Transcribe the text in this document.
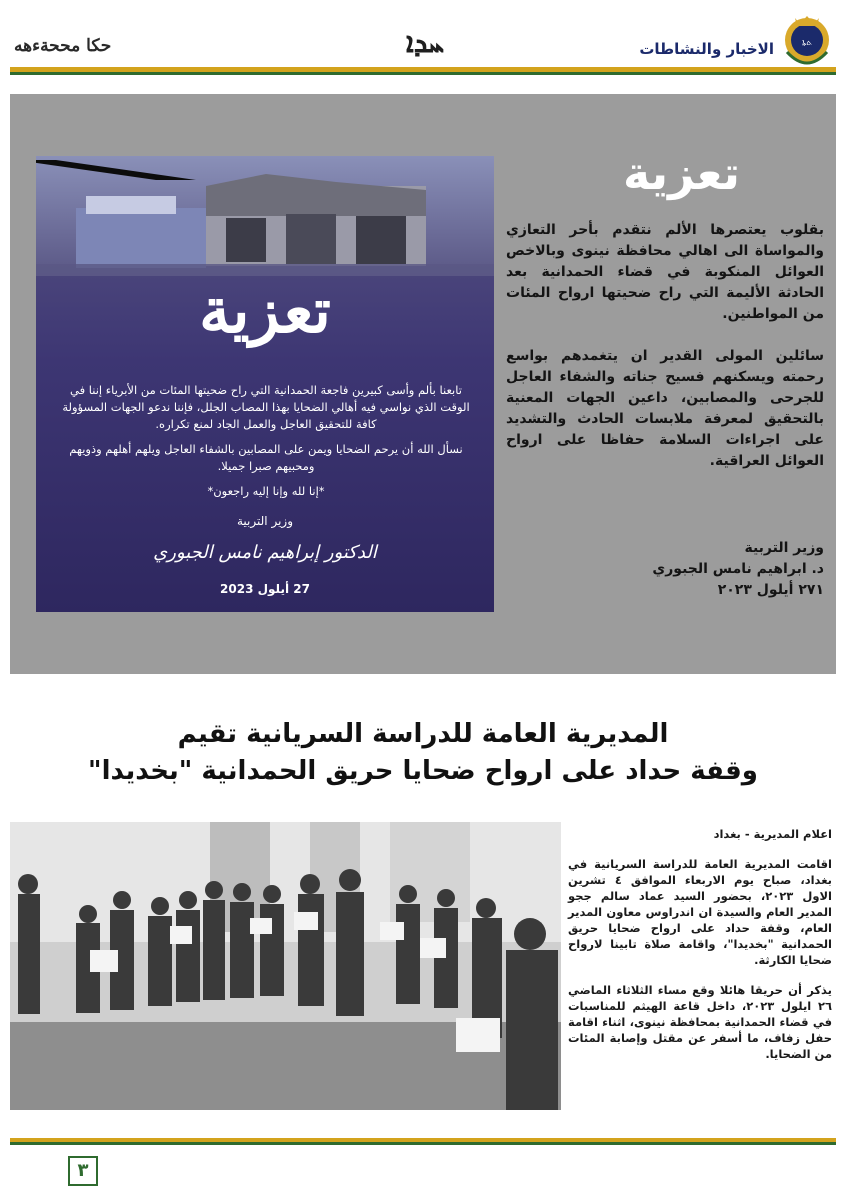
حكا مححةءهه	ܚܕܐ	الاخبار والنشاطات	ܬܬܐ
تعزية

تابعنا بألم وأسى كبيرين فاجعة الحمدانية التي راح ضحيتها المئات من الأبرياء إننا في الوقت الذي نواسي فيه أهالي الضحايا بهذا المصاب الجلل، فإننا ندعو الجهات المسؤولة كافة للتحقيق العاجل والعمل الجاد لمنع تكراره.

نسأل الله أن يرحم الضحايا ويمن على المصابين بالشفاء العاجل ويلهم أهلهم وذويهم ومحبيهم صبرا جميلا.

*إنا لله وإنا إليه راجعون*

وزير التربية
الدكتور إبراهيم نامس الجبوري
27 أيلول 2023
تعزية

بقلوب يعتصرها الألم نتقدم بأحر التعازي والمواساة الى اهالي محافظة نينوى وبالاخص العوائل المنكوبة في قضاء الحمدانية بعد الحادثة الأليمة التي راح ضحيتها ارواح المئات من المواطنين.

سائلين المولى القدير ان يتغمدهم بواسع رحمته ويسكنهم فسيح جناته والشفاء العاجل للجرحى والمصابين، داعين الجهات المعنية بالتحقيق لمعرفة ملابسات الحادث والتشديد على اجراءات السلامة حفاظا على ارواح العوائل العراقية.

وزير التربية
د. ابراهيم نامس الجبوري
٢٧١ أيلول ٢٠٢٣
المديرية العامة للدراسة السريانية تقيم
وقفة حداد على ارواح ضحايا حريق الحمدانية "بخديدا"

اعلام المديرية - بغداد

اقامت المديرية العامة للدراسة السريانية في بغداد، صباح يوم الاربعاء الموافق ٤ تشرين الاول ٢٠٢٣، بحضور السيد عماد سالم ججو المدير العام والسيدة ان اندراوس معاون المدير العام، وقفة حداد على ارواح ضحايا حريق الحمدانية "بخديدا"، واقامة صلاة تابينا لارواح ضحايا الكارثة.

يذكر أن حريقا هائلا وقع مساء الثلاثاء الماضي ٢٦ ايلول ٢٠٢٣، داخل قاعة الهيثم للمناسبات في قضاء الحمدانية بمحافظة نينوى، اثناء اقامة حفل زفاف، ما أسفر عن مقتل وإصابة المئات من الضحايا.

٣
